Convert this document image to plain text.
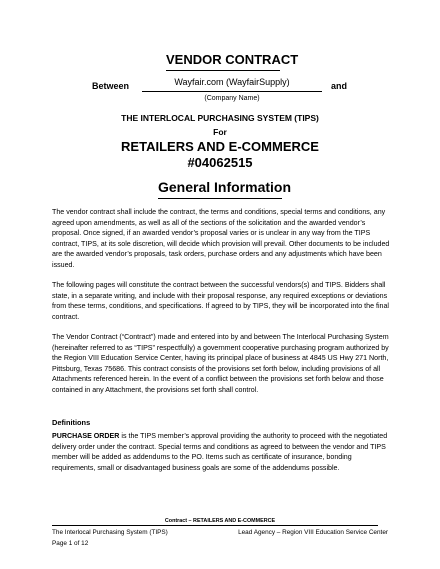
VENDOR CONTRACT
Between	Wayfair.com (WayfairSupply)	and
(Company Name)
THE INTERLOCAL PURCHASING SYSTEM (TIPS)
For
RETAILERS AND E-COMMERCE
#04062515
General Information
The vendor contract shall include the contract, the terms and conditions, special terms and conditions, any agreed upon amendments, as well as all of the sections of the solicitation and the awarded vendor’s proposal. Once signed, if an awarded vendor’s proposal varies or is unclear in any way from the TIPS contract, TIPS, at its sole discretion, will decide which provision will prevail. Other documents to be included are the awarded vendor’s proposals, task orders, purchase orders and any adjustments which have been issued.
The following pages will constitute the contract between the successful vendors(s) and TIPS. Bidders shall state, in a separate writing, and include with their proposal response, any required exceptions or deviations from these terms, conditions, and specifications. If agreed to by TIPS, they will be incorporated into the final contract.
The Vendor Contract (“Contract”) made and entered into by and between The Interlocal Purchasing System (hereinafter referred to as “TIPS” respectfully) a government cooperative purchasing program authorized by the Region VIII Education Service Center, having its principal place of business at 4845 US Hwy 271 North, Pittsburg, Texas 75686. This contract consists of the provisions set forth below, including provisions of all Attachments referenced herein. In the event of a conflict between the provisions set forth below and those contained in any Attachment, the provisions set forth shall control.
Definitions
PURCHASE ORDER is the TIPS member’s approval providing the authority to proceed with the negotiated delivery order under the contract. Special terms and conditions as agreed to between the vendor and TIPS member will be added as addendums to the PO. Items such as certificate of insurance, bonding requirements, small or disadvantaged business goals are some of the addendums possible.
Contract – RETAILERS AND E-COMMERCE
The Interlocal Purchasing System (TIPS)	Lead Agency – Region VIII Education Service Center
Page 1 of 12
